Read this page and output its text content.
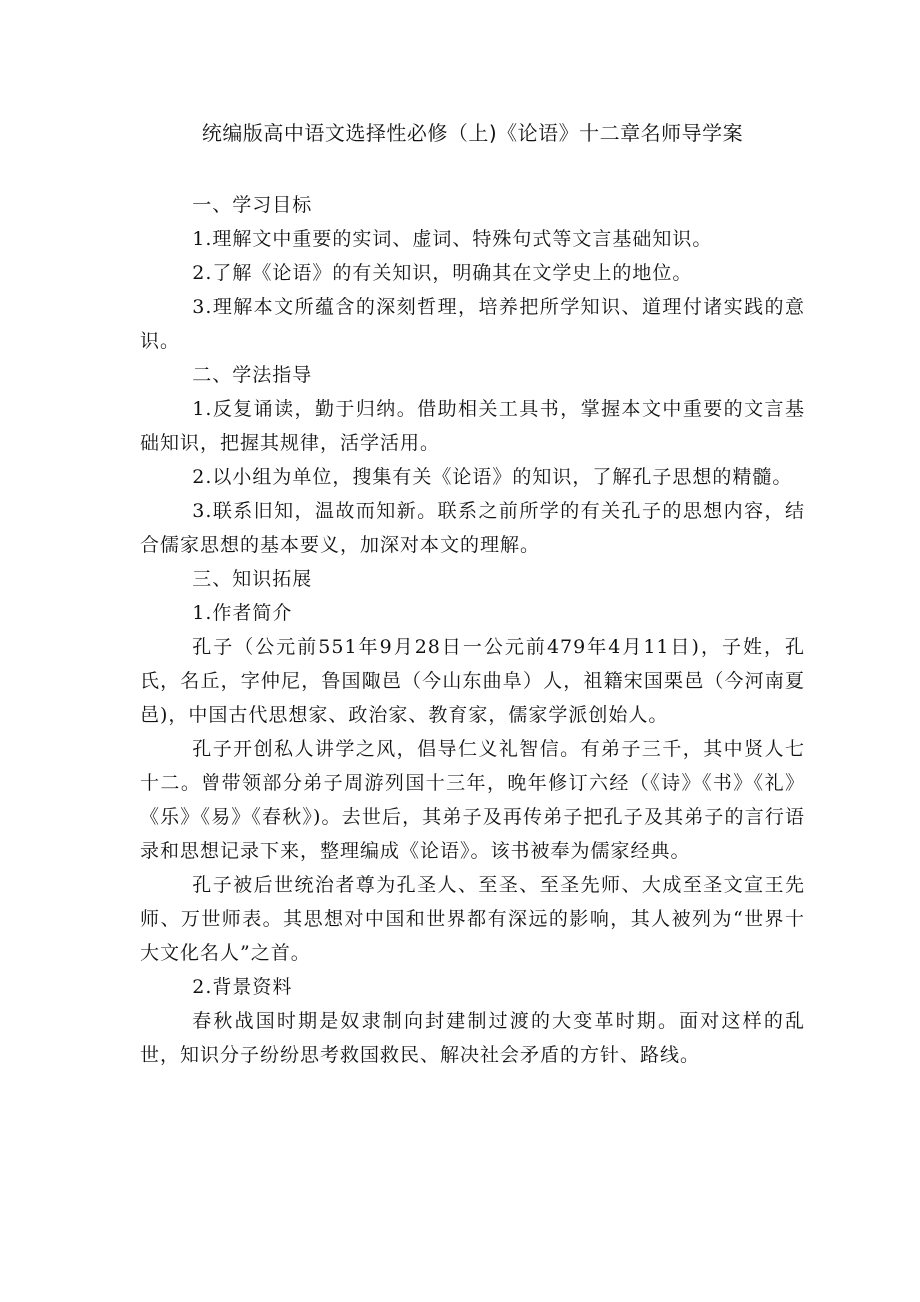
统编版高中语文选择性必修（上)《论语》十二章名师导学案

一、学习目标

1.理解文中重要的实词、虚词、特殊句式等文言基础知识。

2.了解《论语》的有关知识，明确其在文学史上的地位。

3.理解本文所蕴含的深刻哲理，培养把所学知识、道理付诸实践的意识。

二、学法指导

1.反复诵读，勤于归纳。借助相关工具书，掌握本文中重要的文言基础知识，把握其规律，活学活用。

2.以小组为单位，搜集有关《论语》的知识，了解孔子思想的精髓。

3.联系旧知，温故而知新。联系之前所学的有关孔子的思想内容，结合儒家思想的基本要义，加深对本文的理解。

三、知识拓展

1.作者简介

孔子（公元前551年9月28日一公元前479年4月11日)，子姓，孔氏，名丘，字仲尼，鲁国陬邑（今山东曲阜）人，祖籍宋国栗邑（今河南夏邑)，中国古代思想家、政治家、教育家，儒家学派创始人。

孔子开创私人讲学之风，倡导仁义礼智信。有弟子三千，其中贤人七十二。曾带领部分弟子周游列国十三年，晚年修订六经（《诗》《书》《礼》《乐》《易》《春秋》)。去世后，其弟子及再传弟子把孔子及其弟子的言行语录和思想记录下来，整理编成《论语》。该书被奉为儒家经典。

孔子被后世统治者尊为孔圣人、至圣、至圣先师、大成至圣文宣王先师、万世师表。其思想对中国和世界都有深远的影响，其人被列为“世界十大文化名人”之首。

2.背景资料

春秋战国时期是奴隶制向封建制过渡的大变革时期。面对这样的乱世，知识分子纷纷思考救国救民、解决社会矛盾的方针、路线。
